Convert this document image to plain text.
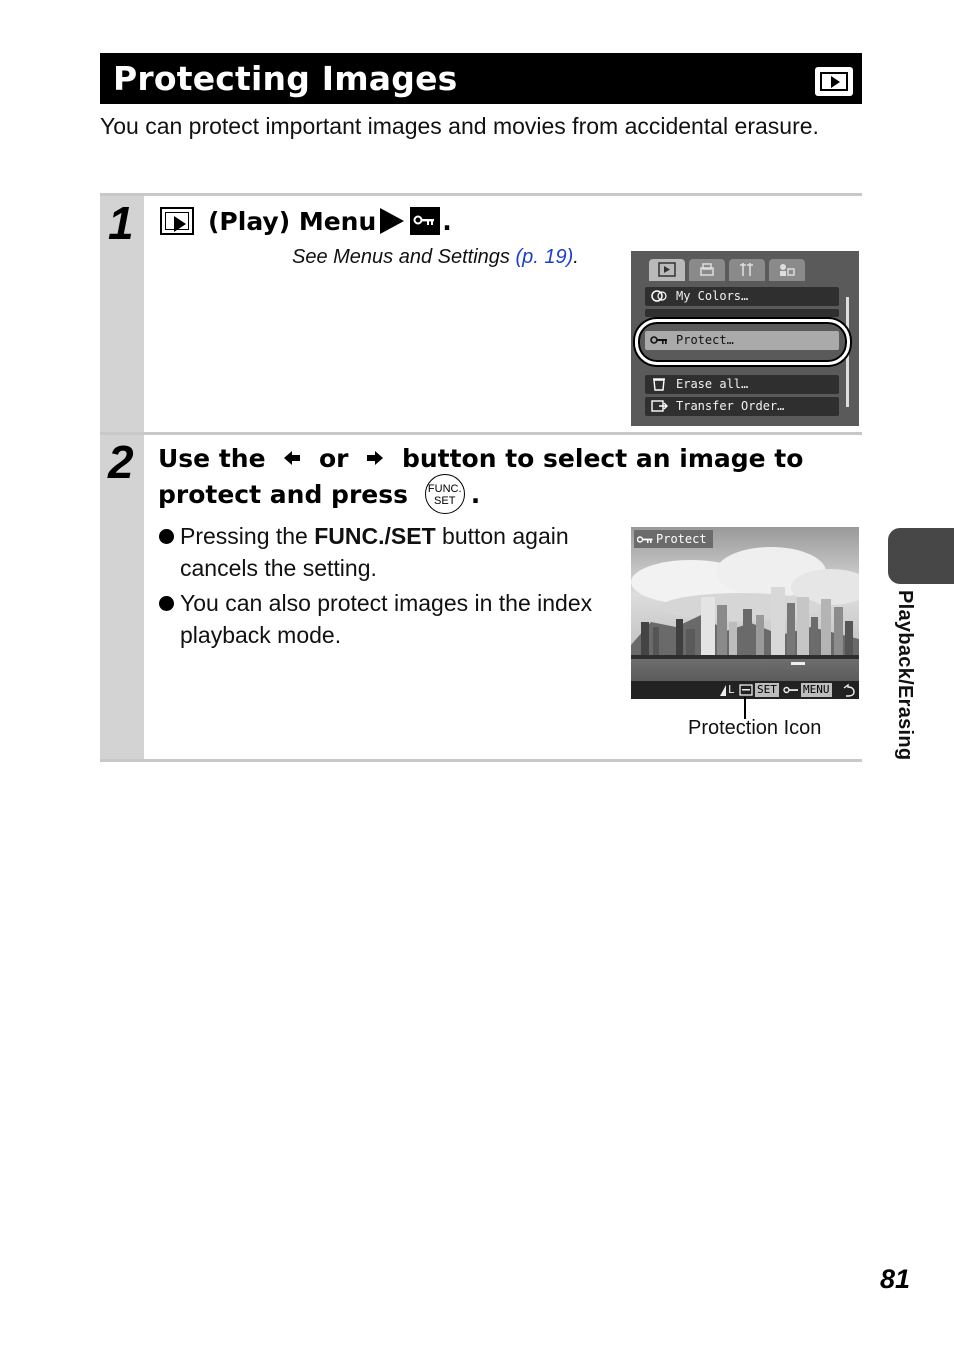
Protecting Images

You can protect important images and movies from accidental erasure.

1	(Play) Menu	.
See Menus and Settings (p. 19).
My Colors…
Protect…
Erase all…
Transfer Order…
2 Use the or button to select an image to protect and press FUNC.
SET .
Pressing the FUNC./SET button again cancels the setting.
You can also protect images in the index playback mode.
Protect
L SET MENU
Protection Icon	Playback/Erasing
81
